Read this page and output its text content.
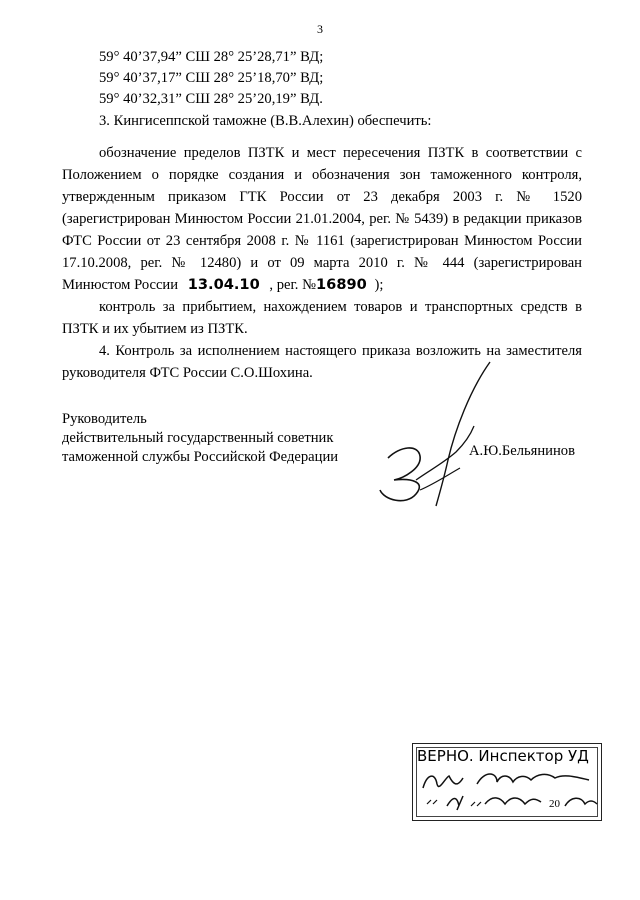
3
59° 40’37,94” СШ 28° 25’28,71” ВД;
59° 40’37,17” СШ 28° 25’18,70” ВД;
59° 40’32,31” СШ 28° 25’20,19” ВД.
3. Кингисеппской таможне (В.В.Алехин) обеспечить:
обозначение пределов ПЗТК и мест пересечения ПЗТК в соответствии с
Положением о порядке создания и обозначения зон таможенного контроля,
утвержденным приказом ГТК России от 23 декабря 2003 г. № 1520
(зарегистрирован Минюстом России 21.01.2004, рег. № 5439) в редакции приказов
ФТС России от 23 сентября 2008 г. № 1161 (зарегистрирован Минюстом России
17.10.2008, рег. № 12480) и от 09 марта 2010 г. № 444 (зарегистрирован
Минюстом России 13.04.10 , рег. №16890 );
контроль за прибытием, нахождением товаров и транспортных средств в
ПЗТК и их убытием из ПЗТК.
4. Контроль за исполнением настоящего приказа возложить на заместителя
руководителя ФТС России С.О.Шохина.
Руководитель
действительный государственный советник
таможенной службы Российской Федерации	А.Ю.Бельянинов
ВЕРНО. Инспектор УД
20
